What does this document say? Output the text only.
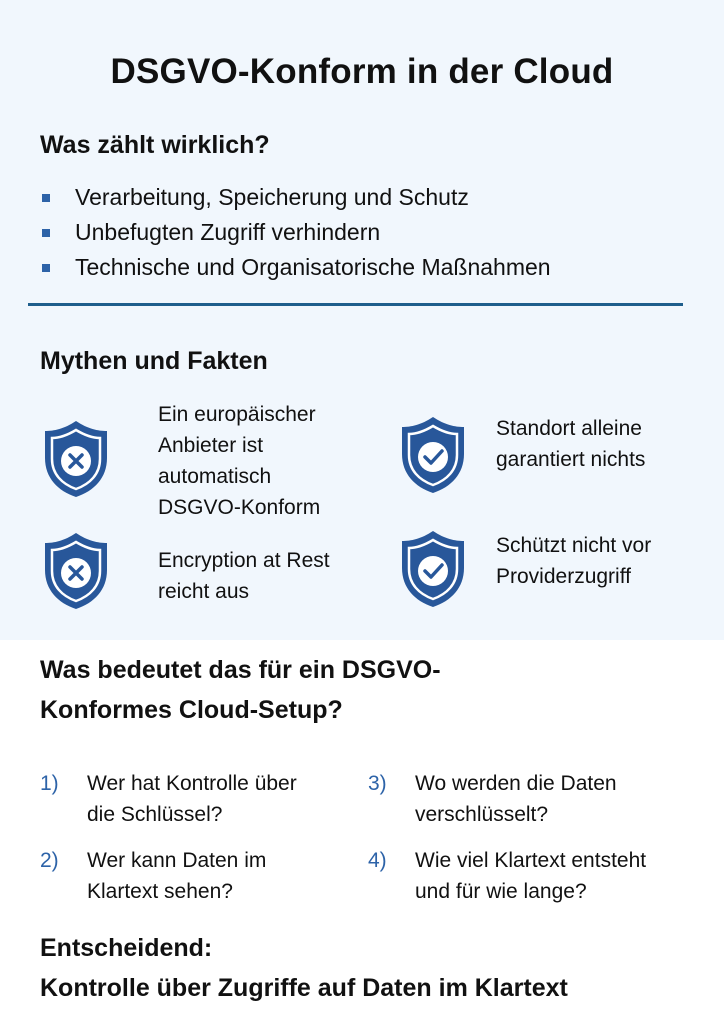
DSGVO-Konform in der Cloud
Was zählt wirklich?
Verarbeitung, Speicherung und Schutz
Unbefugten Zugriff verhindern
Technische und Organisatorische Maßnahmen
Mythen und Fakten

Ein europäischer
Anbieter ist
automatisch
DSGVO-Konform

Standort alleine
garantiert nichts

Encryption at Rest
reicht aus

Schützt nicht vor
Providerzugriff

Was bedeutet das für ein DSGVO-
Konformes Cloud-Setup?
1) Wer hat Kontrolle über
die Schlüssel?
2) Wer kann Daten im
Klartext sehen?
3) Wo werden die Daten
verschlüsselt?
4) Wie viel Klartext entsteht
und für wie lange?
Entscheidend:
Kontrolle über Zugriffe auf Daten im Klartext
